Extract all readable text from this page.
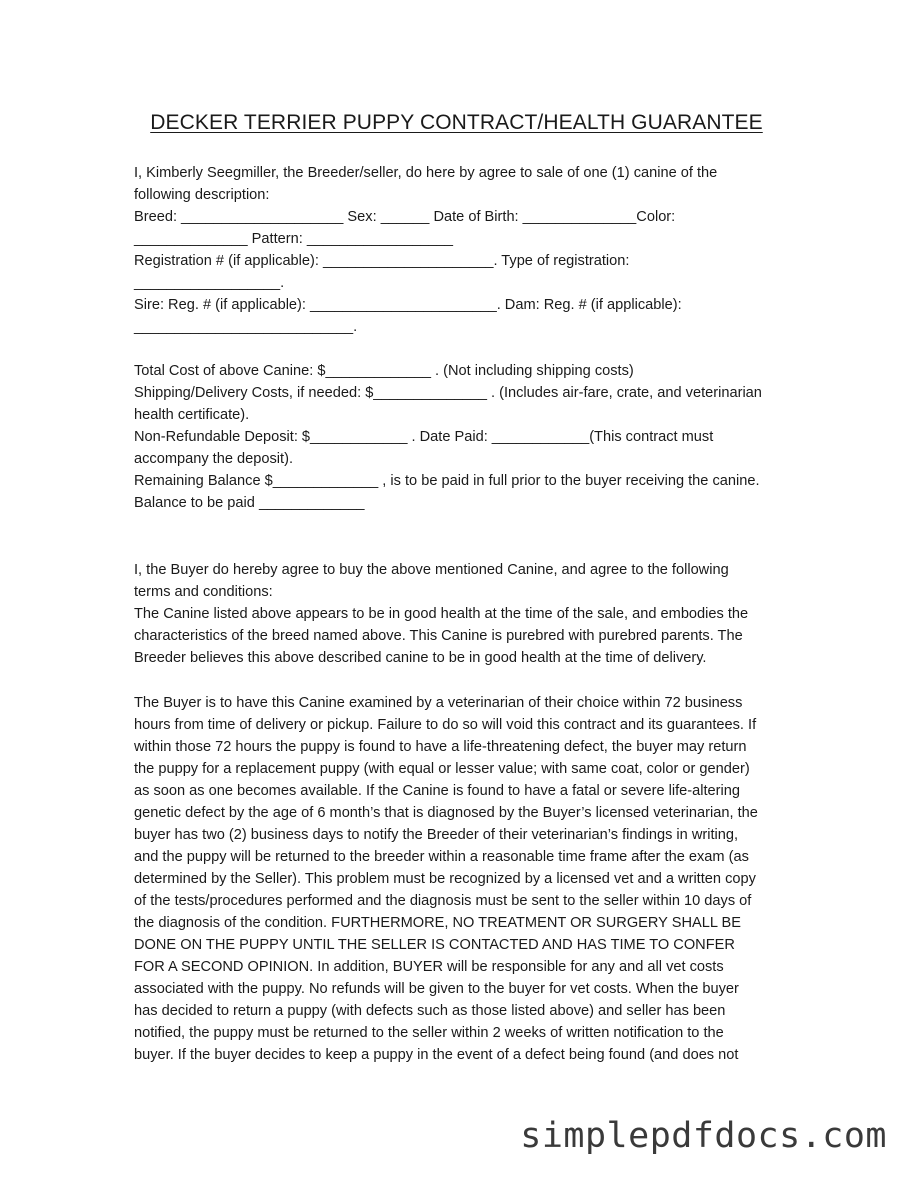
DECKER TERRIER PUPPY CONTRACT/HEALTH GUARANTEE
I, Kimberly Seegmiller, the Breeder/seller, do here by agree to sale of one (1) canine of the
following description:
Breed: ____________________ Sex: ______ Date of Birth: ______________Color:
______________ Pattern: __________________
Registration # (if applicable): _____________________. Type of registration:
__________________.
Sire: Reg. # (if applicable): _______________________. Dam: Reg. # (if applicable):
___________________________.
Total Cost of above Canine: $_____________ . (Not including shipping costs)
Shipping/Delivery Costs, if needed: $______________ . (Includes air-fare, crate, and veterinarian
health certificate).
Non-Refundable Deposit: $____________ . Date Paid: ____________(This contract must
accompany the deposit).
Remaining Balance $_____________ , is to be paid in full prior to the buyer receiving the canine.
Balance to be paid _____________
I, the Buyer do hereby agree to buy the above mentioned Canine, and agree to the following
terms and conditions:
The Canine listed above appears to be in good health at the time of the sale, and embodies the
characteristics of the breed named above. This Canine is purebred with purebred parents. The
Breeder believes this above described canine to be in good health at the time of delivery.
The Buyer is to have this Canine examined by a veterinarian of their choice within 72 business
hours from time of delivery or pickup. Failure to do so will void this contract and its guarantees. If
within those 72 hours the puppy is found to have a life-threatening defect, the buyer may return
the puppy for a replacement puppy (with equal or lesser value; with same coat, color or gender)
as soon as one becomes available. If the Canine is found to have a fatal or severe life-altering
genetic defect by the age of 6 month’s that is diagnosed by the Buyer’s licensed veterinarian, the
buyer has two (2) business days to notify the Breeder of their veterinarian’s findings in writing,
and the puppy will be returned to the breeder within a reasonable time frame after the exam (as
determined by the Seller). This problem must be recognized by a licensed vet and a written copy
of the tests/procedures performed and the diagnosis must be sent to the seller within 10 days of
the diagnosis of the condition. FURTHERMORE, NO TREATMENT OR SURGERY SHALL BE
DONE ON THE PUPPY UNTIL THE SELLER IS CONTACTED AND HAS TIME TO CONFER
FOR A SECOND OPINION. In addition, BUYER will be responsible for any and all vet costs
associated with the puppy. No refunds will be given to the buyer for vet costs. When the buyer
has decided to return a puppy (with defects such as those listed above) and seller has been
notified, the puppy must be returned to the seller within 2 weeks of written notification to the
buyer. If the buyer decides to keep a puppy in the event of a defect being found (and does not
simplepdfdocs.com
